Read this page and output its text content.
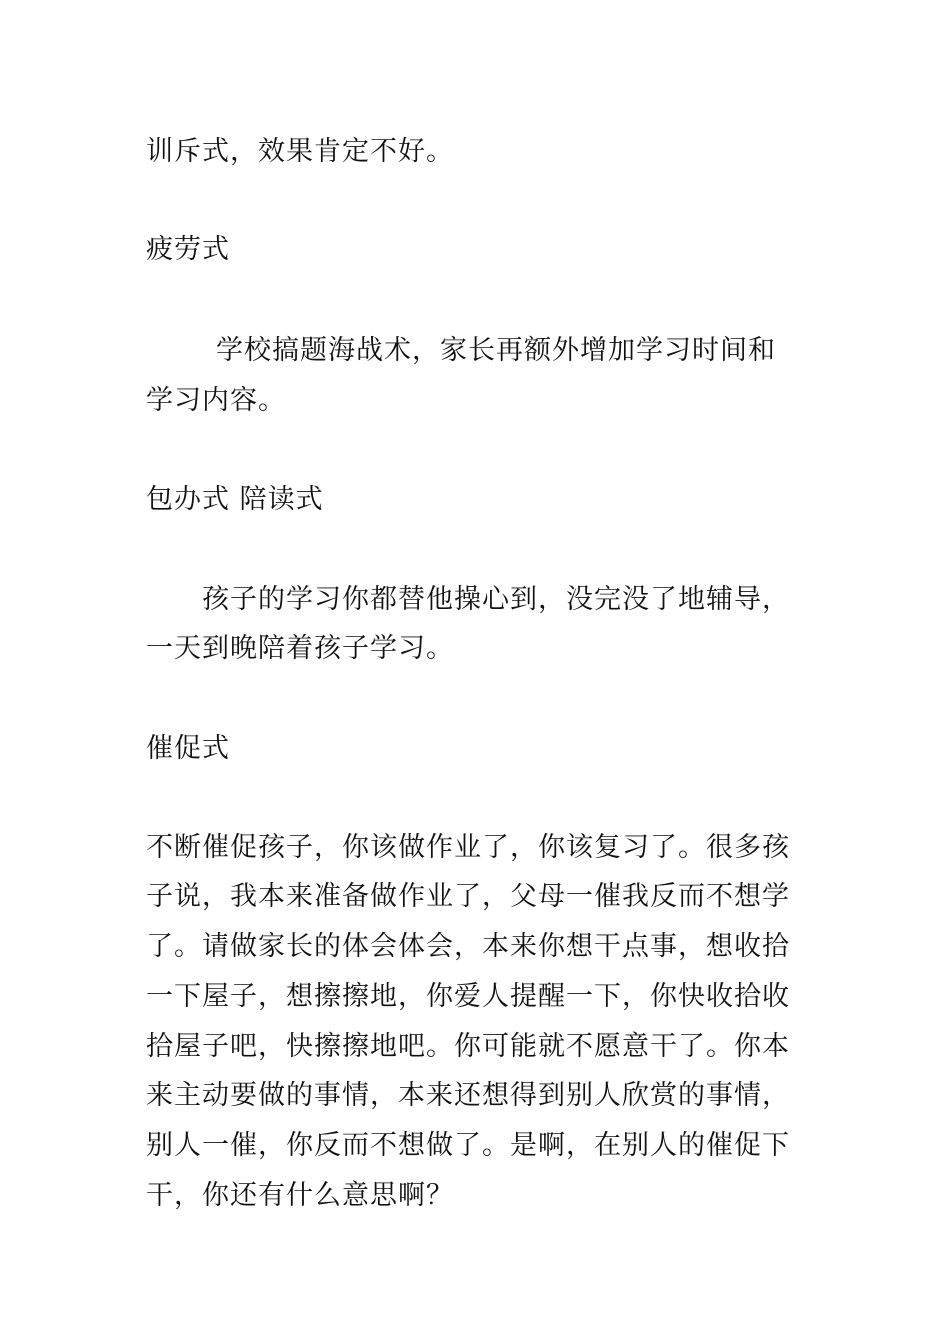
训斥式，效果肯定不好。
疲劳式
学校搞题海战术，家长再额外增加学习时间和
学习内容。
包办式 陪读式
孩子的学习你都替他操心到，没完没了地辅导，
一天到晚陪着孩子学习。
催促式
不断催促孩子，你该做作业了，你该复习了。很多孩
子说，我本来准备做作业了，父母一催我反而不想学
了。请做家长的体会体会，本来你想干点事，想收拾
一下屋子，想擦擦地，你爱人提醒一下，你快收拾收
拾屋子吧，快擦擦地吧。你可能就不愿意干了。你本
来主动要做的事情，本来还想得到别人欣赏的事情，
别人一催，你反而不想做了。是啊，在别人的催促下
干，你还有什么意思啊？
